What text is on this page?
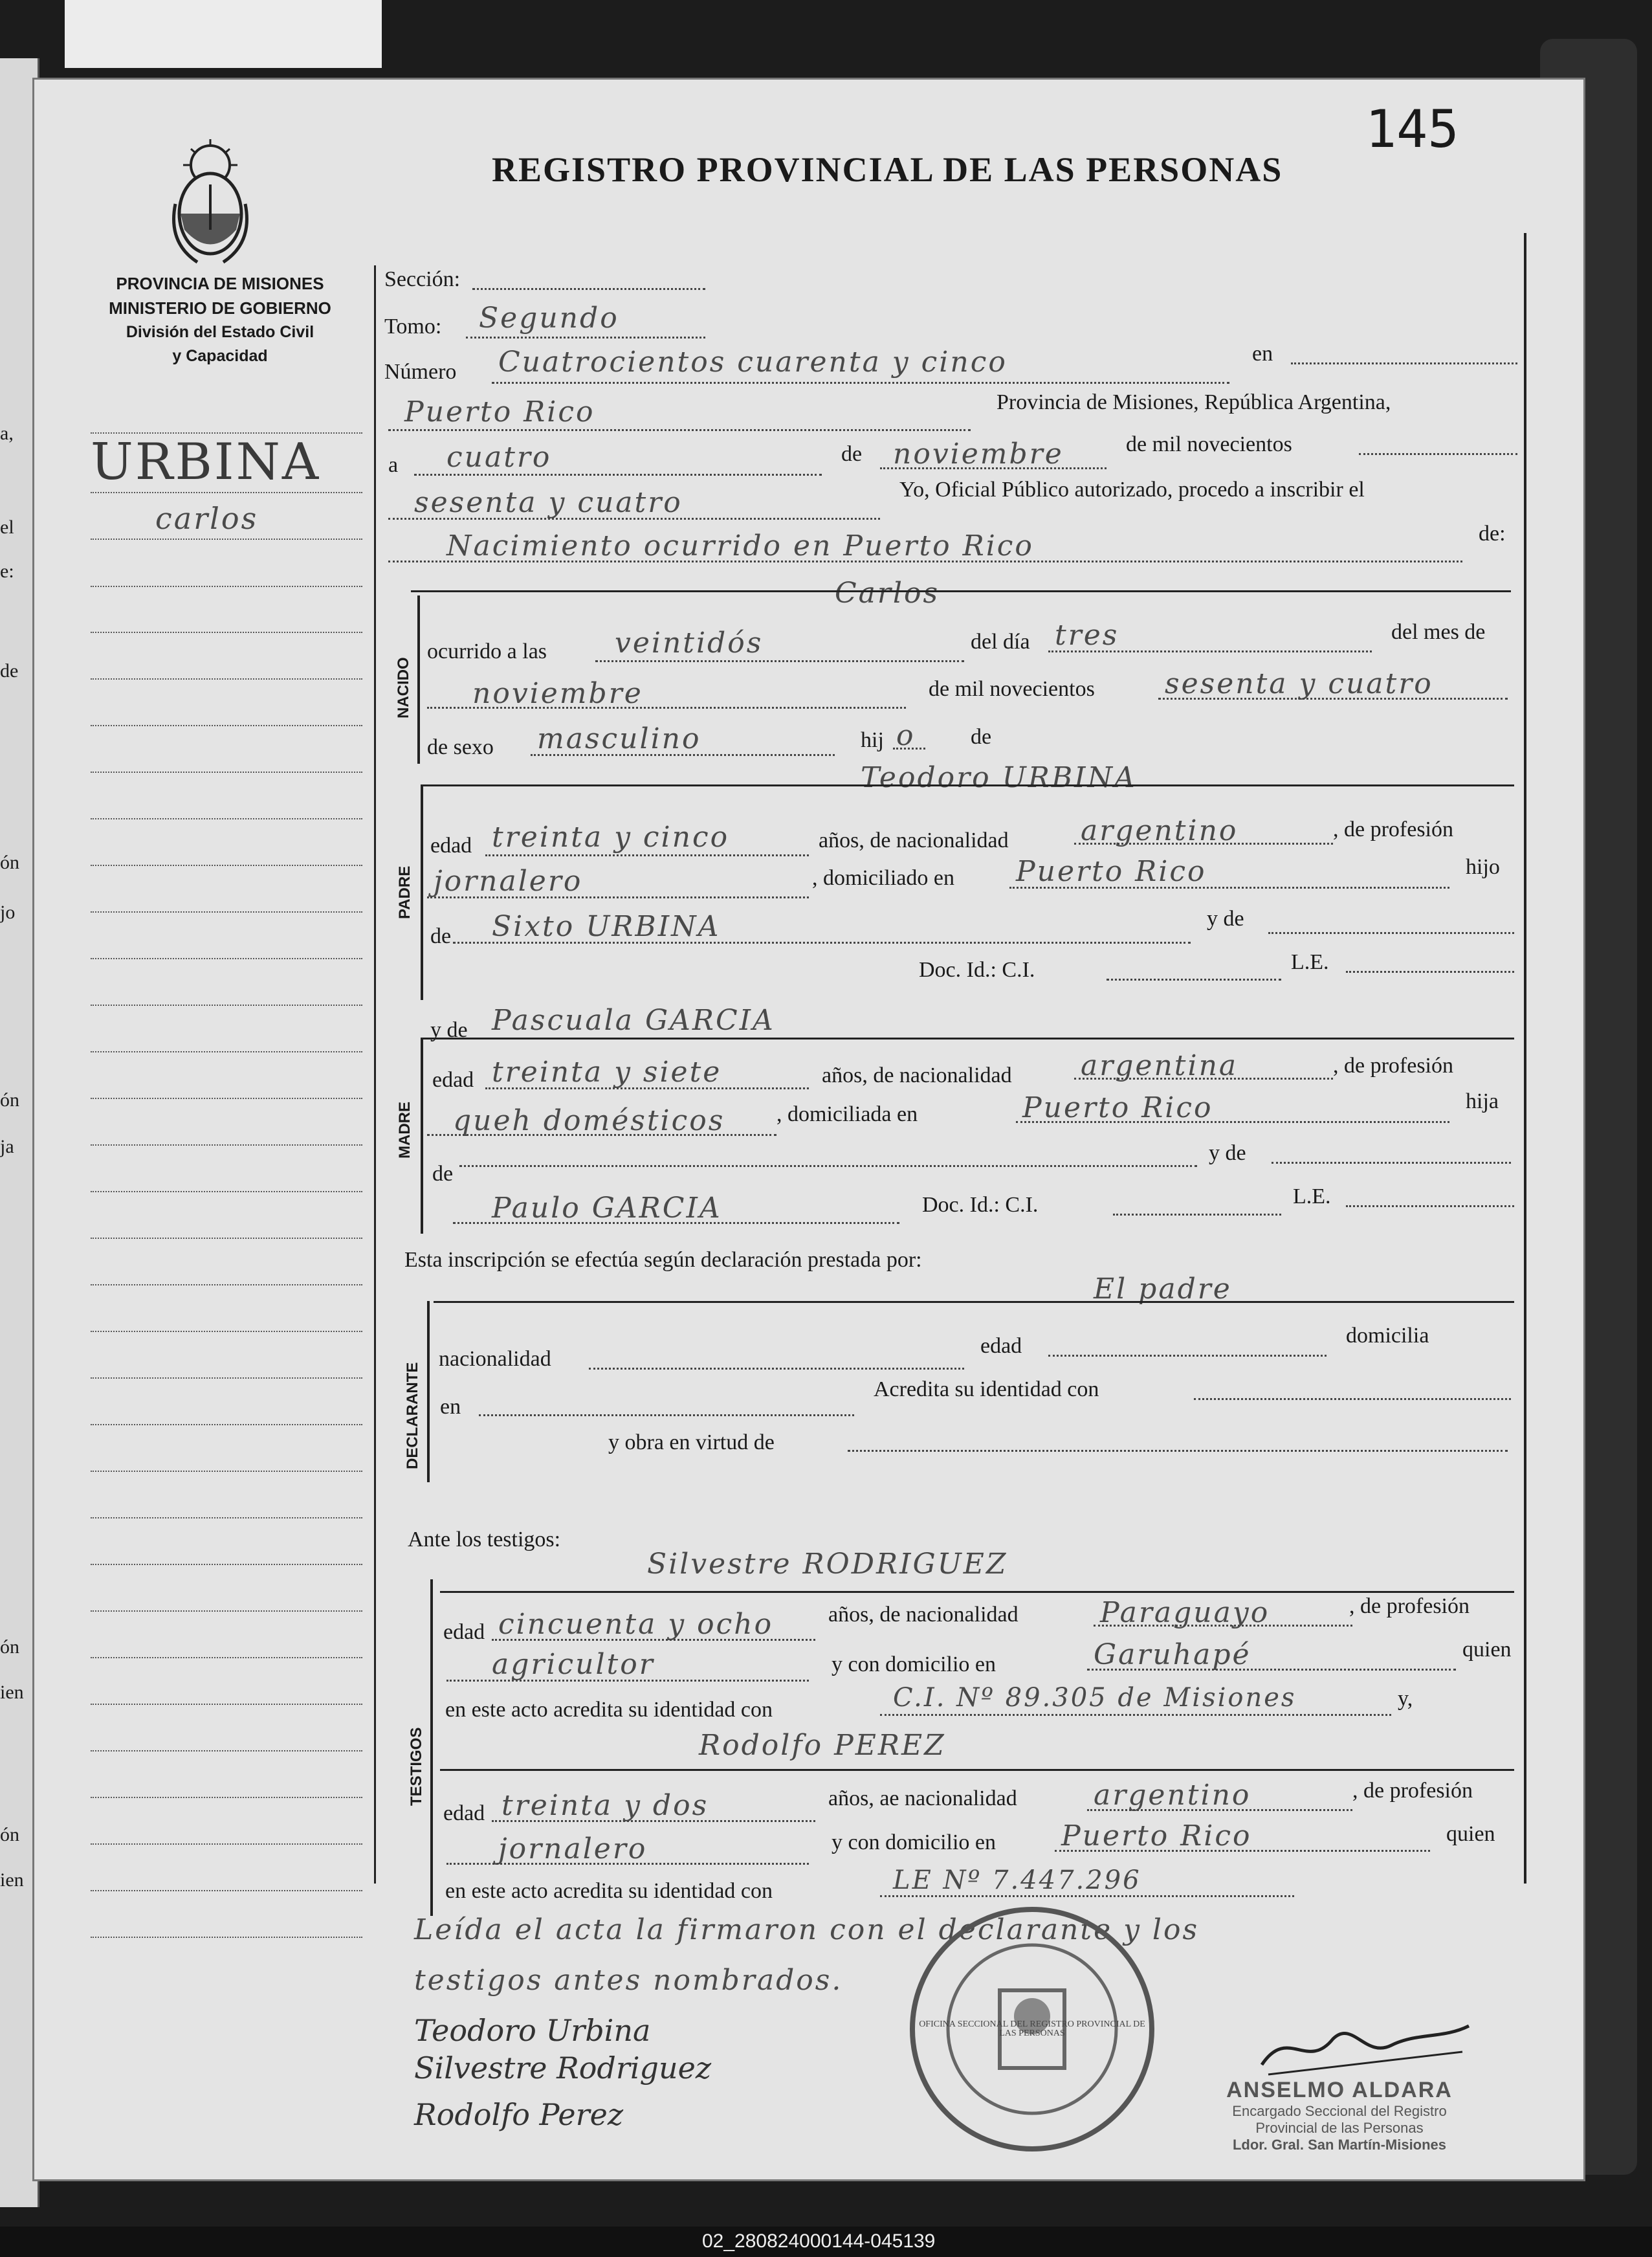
a,
el
e:
de
ón
jo
ón
ja
ón
ien
ón
ien
145
REGISTRO PROVINCIAL DE LAS PERSONAS
PROVINCIA DE MISIONES
MINISTERIO DE GOBIERNO
División del Estado Civil
y Capacidad
URBINA
carlos
Sección:
Tomo: Segundo
Número Cuatrocientos cuarenta y cinco	en
Puerto Rico	Provincia de Misiones, República Argentina,
a cuatro	de noviembre	de mil novecientos
sesenta y cuatro	Yo, Oficial Público autorizado, procedo a inscribir el
Nacimiento ocurrido en Puerto Rico	de:
Carlos
NACIDO
ocurrido a las veintidós	del día tres	del mes de
noviembre	de mil novecientos sesenta y cuatro
de sexo masculino	hij o	de
Teodoro URBINA
PADRE
edad treinta y cinco	años, de nacionalidad	argentino	, de profesión
jornalero	, domiciliado en Puerto Rico	hijo
de Sixto URBINA	y de
Doc. Id.: C.I.	L.E.
y de Pascuala GARCIA
MADRE
edad treinta y siete	años, de nacionalidad argentina	, de profesión
queh domésticos , domiciliada en	Puerto Rico	hija
de
y de
Paulo GARCIA	Doc. Id.: C.I.	L.E.
Esta inscripción se efectúa según declaración prestada por:
El padre
DECLARANTE
nacionalidad
edad	domicilia
en
Acredita su identidad con
y obra en virtud de
Ante los testigos:
Silvestre RODRIGUEZ
TESTIGOS
edad cincuenta y ocho años, de nacionalidad	Paraguayo	, de profesión
agricultor	y con domicilio en	Garuhapé	quien
en este acto acredita su identidad con	C.I. Nº 89.305 de Misiones	y,
Rodolfo PEREZ
edad treinta y dos	años, ae nacionalidad	argentino	, de profesión
jornalero	y con domicilio en Puerto Rico	quien
en este acto acredita su identidad con	LE Nº 7.447.296
Leída el acta la firmaron con el declarante y los
testigos antes nombrados.
Teodoro Urbina
Silvestre Rodriguez
Rodolfo Perez
OFICINA SECCIONAL DEL REGISTRO PROVINCIAL DE LAS PERSONAS
ANSELMO ALDARA
Encargado Seccional del Registro
Provincial de las Personas
Ldor. Gral. San Martín-Misiones
02_280824000144-045139
